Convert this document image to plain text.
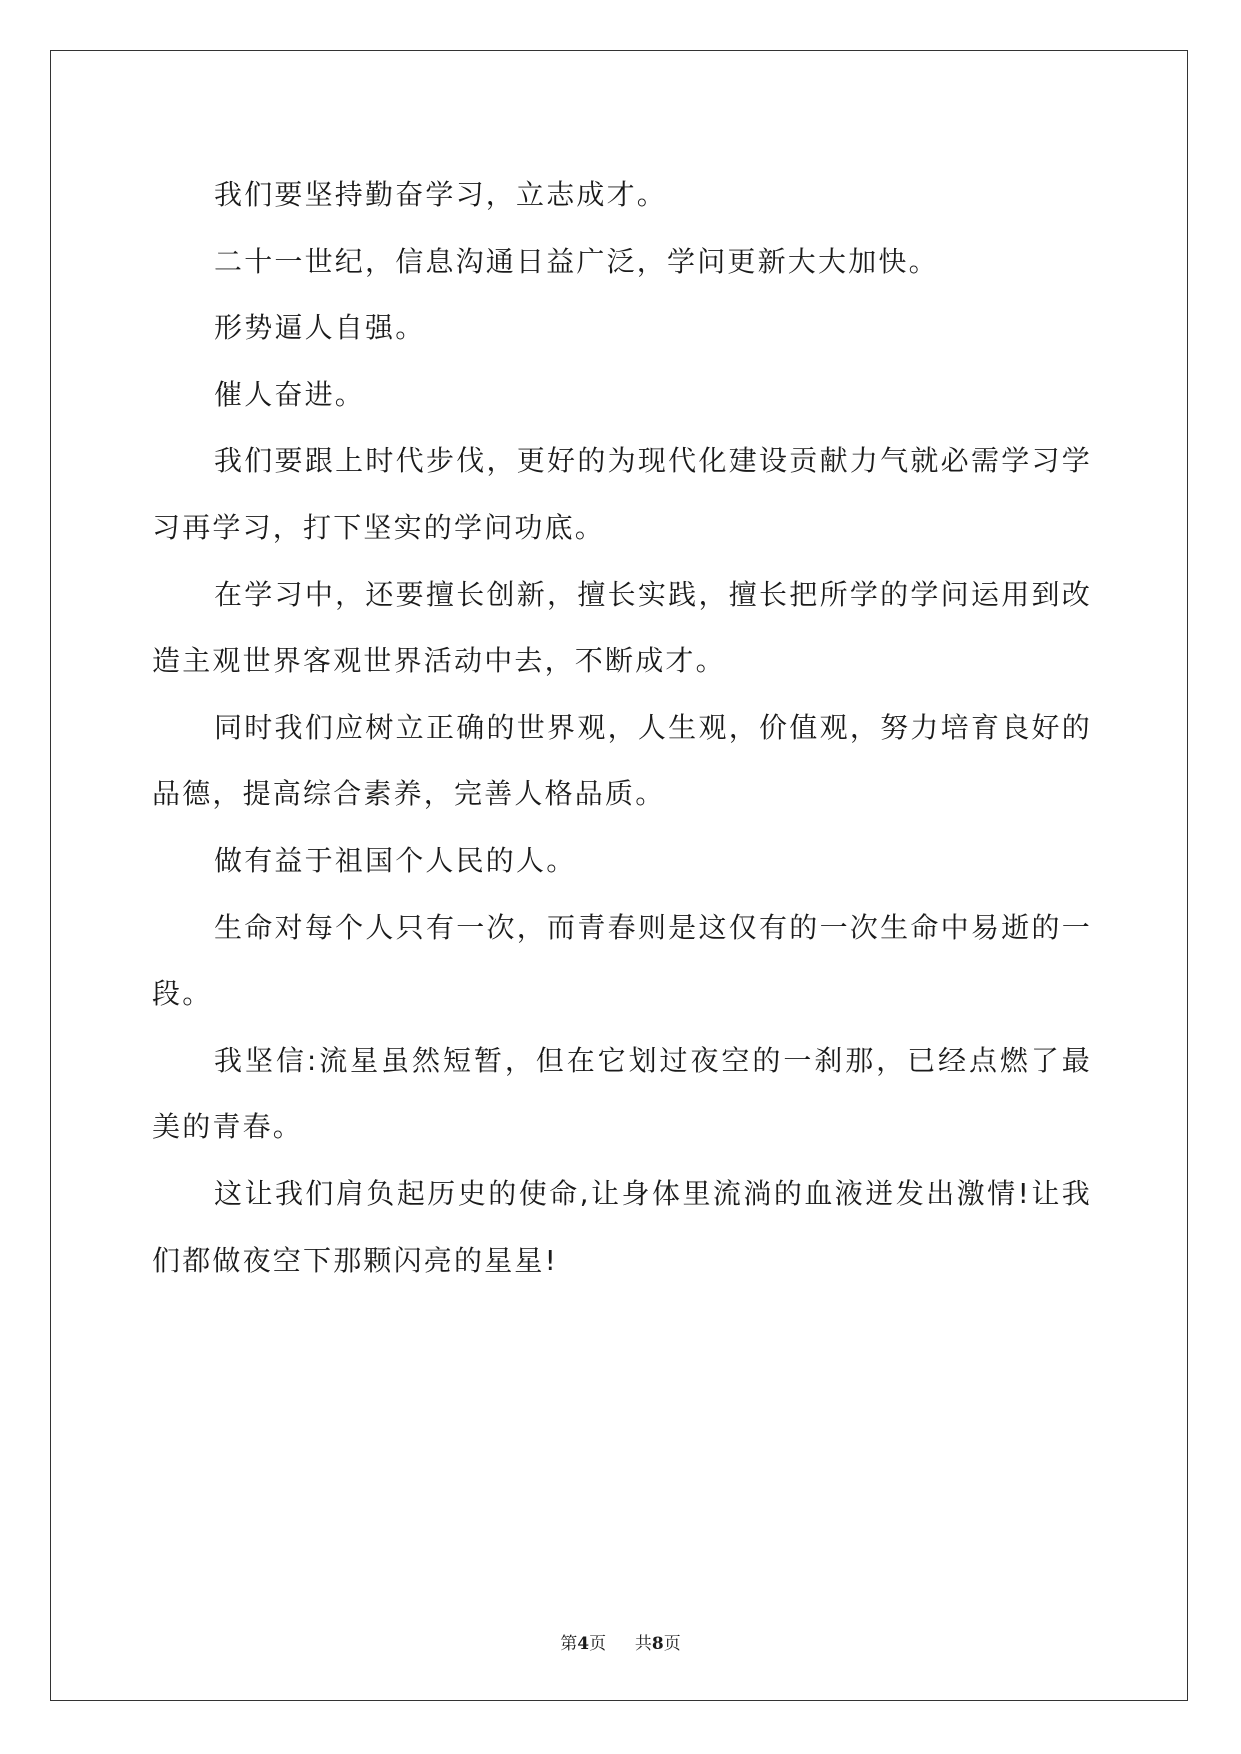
我们要坚持勤奋学习，立志成才。

二十一世纪，信息沟通日益广泛，学问更新大大加快。

形势逼人自强。

催人奋进。

我们要跟上时代步伐，更好的为现代化建设贡献力气就必需学习学习再学习，打下坚实的学问功底。

在学习中，还要擅长创新，擅长实践，擅长把所学的学问运用到改造主观世界客观世界活动中去，不断成才。

同时我们应树立正确的世界观，人生观，价值观，努力培育良好的品德，提高综合素养，完善人格品质。

做有益于祖国个人民的人。

生命对每个人只有一次，而青春则是这仅有的一次生命中易逝的一段。

我坚信:流星虽然短暂，但在它划过夜空的一刹那，已经点燃了最美的青春。

这让我们肩负起历史的使命,让身体里流淌的血液迸发出激情!让我们都做夜空下那颗闪亮的星星!

第4页 共8页
